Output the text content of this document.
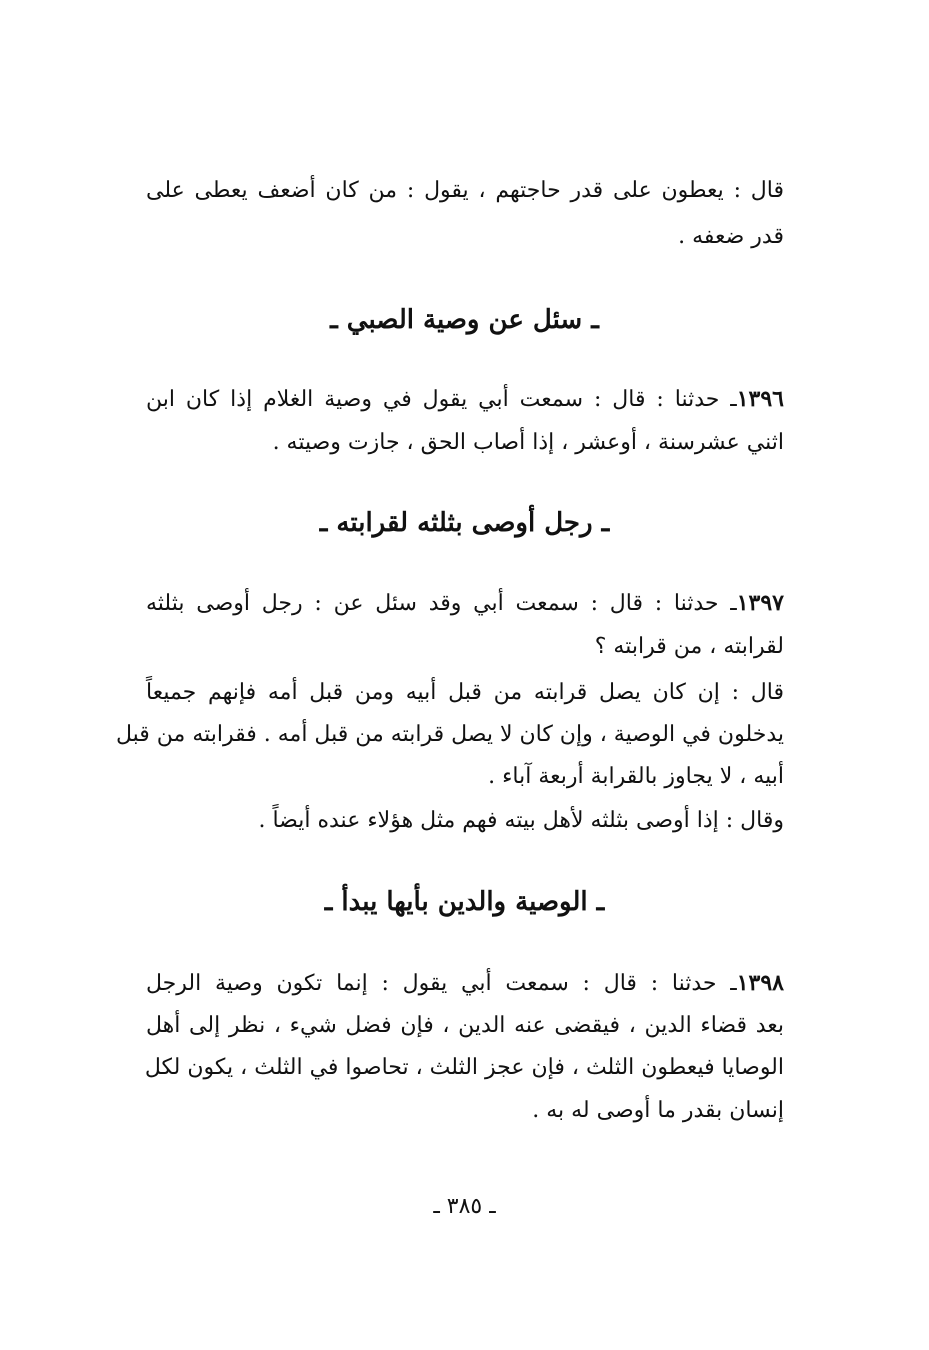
قال : يعطون على قدر حاجتهم ، يقول : من كان أضعف يعطى على
قدر ضعفه .
ـ سئل عن وصية الصبي ـ
١٣٩٦ـ حدثنا : قال : سمعت أبي يقول في وصية الغلام إذا كان ابن
اثني عشرسنة ، أوعشر ، إذا أصاب الحق ، جازت وصيته .
ـ رجل أوصى بثلثه لقرابته ـ
١٣٩٧ـ حدثنا : قال : سمعت أبي وقد سئل عن : رجل أوصى بثلثه
لقرابته ، من قرابته ؟
قال : إن كان يصل قرابته من قبل أبيه ومن قبل أمه فإنهم جميعاً
يدخلون في الوصية ، وإن كان لا يصل قرابته من قبل أمه . فقرابته من قبل
أبيه ، لا يجاوز بالقرابة أربعة آباء .
وقال : إذا أوصى بثلثه لأهل بيته فهم مثل هؤلاء عنده أيضاً .
ـ الوصية والدين بأيها يبدأ ـ
١٣٩٨ـ حدثنا : قال : سمعت أبي يقول : إنما تكون وصية الرجل
بعد قضاء الدين ، فيقضى عنه الدين ، فإن فضل شيء ، نظر إلى أهل
الوصايا فيعطون الثلث ، فإن عجز الثلث ، تحاصوا في الثلث ، يكون لكل
إنسان بقدر ما أوصى له به .
ـ ٣٨٥ ـ
